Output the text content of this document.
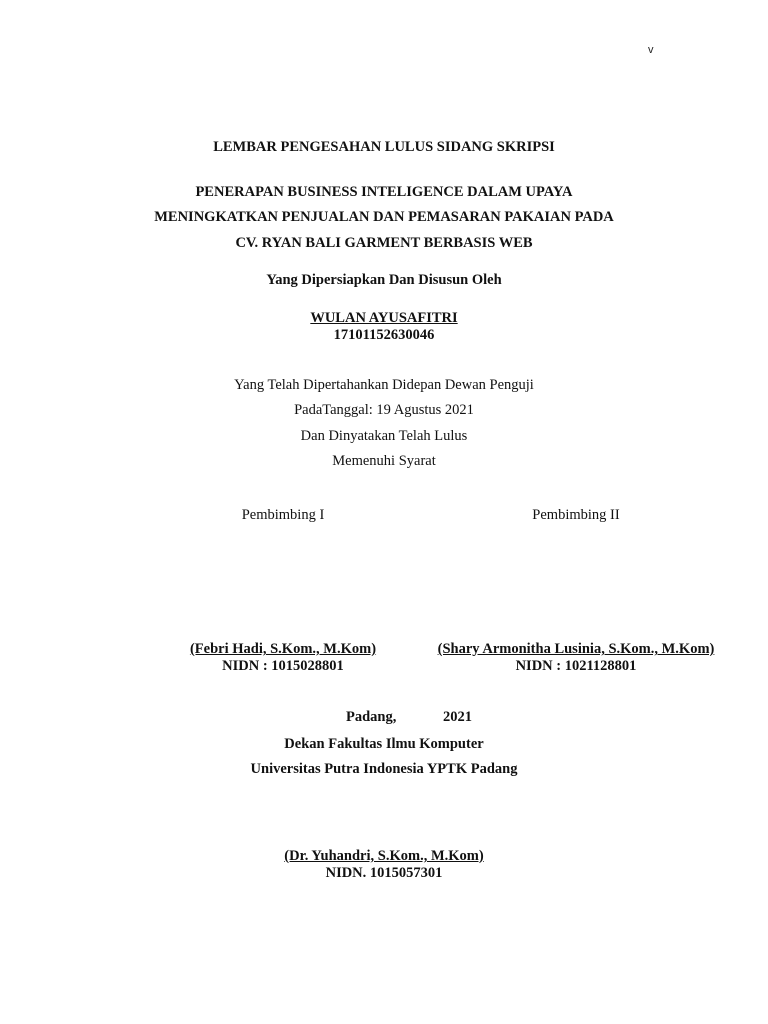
v
LEMBAR PENGESAHAN LULUS SIDANG SKRIPSI
PENERAPAN BUSINESS INTELIGENCE DALAM UPAYA
MENINGKATKAN PENJUALAN DAN PEMASARAN PAKAIAN PADA
CV. RYAN BALI GARMENT BERBASIS WEB
Yang Dipersiapkan Dan Disusun Oleh
WULAN AYUSAFITRI
17101152630046
Yang Telah Dipertahankan Didepan Dewan Penguji
PadaTanggal: 19 Agustus 2021
Dan Dinyatakan Telah Lulus
Memenuhi Syarat
Pembimbing I
(Febri Hadi, S.Kom., M.Kom)
NIDN : 1015028801
Pembimbing II
(Shary Armonitha Lusinia, S.Kom., M.Kom)
NIDN : 1021128801
Padang,	2021
Dekan Fakultas Ilmu Komputer
Universitas Putra Indonesia YPTK Padang
(Dr. Yuhandri, S.Kom., M.Kom)
NIDN. 1015057301
